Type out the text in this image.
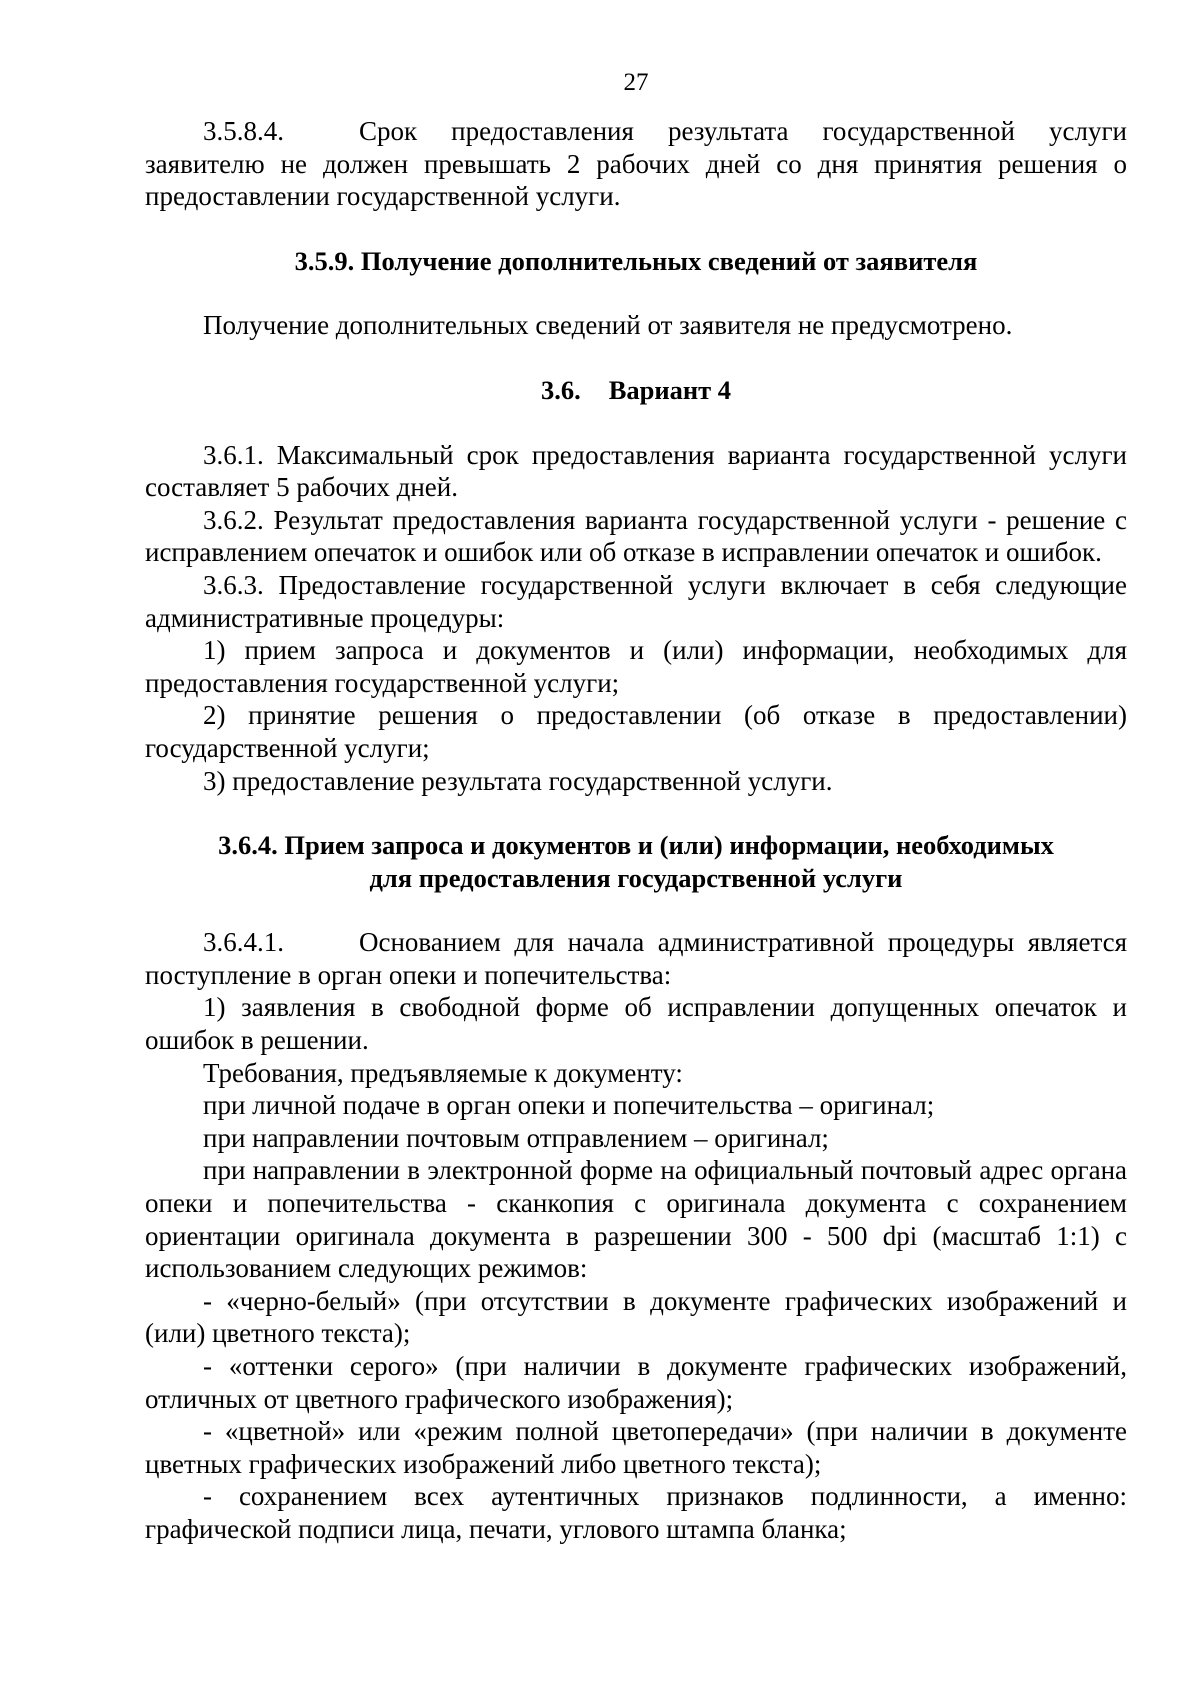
27

3.5.8.4.	Срок предоставления результата государственной услуги заявителю не должен превышать 2 рабочих дней со дня принятия решения о предоставлении государственной услуги.

3.5.9. Получение дополнительных сведений от заявителя

Получение дополнительных сведений от заявителя не предусмотрено.

3.6. Вариант 4

3.6.1. Максимальный срок предоставления варианта государственной услуги составляет 5 рабочих дней.

3.6.2. Результат предоставления варианта государственной услуги - решение с исправлением опечаток и ошибок или об отказе в исправлении опечаток и ошибок.

3.6.3. Предоставление государственной услуги включает в себя следующие административные процедуры:

1) прием запроса и документов и (или) информации, необходимых для предоставления государственной услуги;

2) принятие решения о предоставлении (об отказе в предоставлении) государственной услуги;

3) предоставление результата государственной услуги.

3.6.4. Прием запроса и документов и (или) информации, необходимых
для предоставления государственной услуги

3.6.4.1.	Основанием для начала административной процедуры является поступление в орган опеки и попечительства:

1) заявления в свободной форме об исправлении допущенных опечаток и ошибок в решении.

Требования, предъявляемые к документу:

при личной подаче в орган опеки и попечительства – оригинал;

при направлении почтовым отправлением – оригинал;

при направлении в электронной форме на официальный почтовый адрес органа опеки и попечительства - сканкопия с оригинала документа с сохранением ориентации оригинала документа в разрешении 300 - 500 dpi (масштаб 1:1) с использованием следующих режимов:

- «черно-белый» (при отсутствии в документе графических изображений и (или) цветного текста);

- «оттенки серого» (при наличии в документе графических изображений, отличных от цветного графического изображения);

- «цветной» или «режим полной цветопередачи» (при наличии в документе цветных графических изображений либо цветного текста);

- сохранением всех аутентичных признаков подлинности, а именно: графической подписи лица, печати, углового штампа бланка;
